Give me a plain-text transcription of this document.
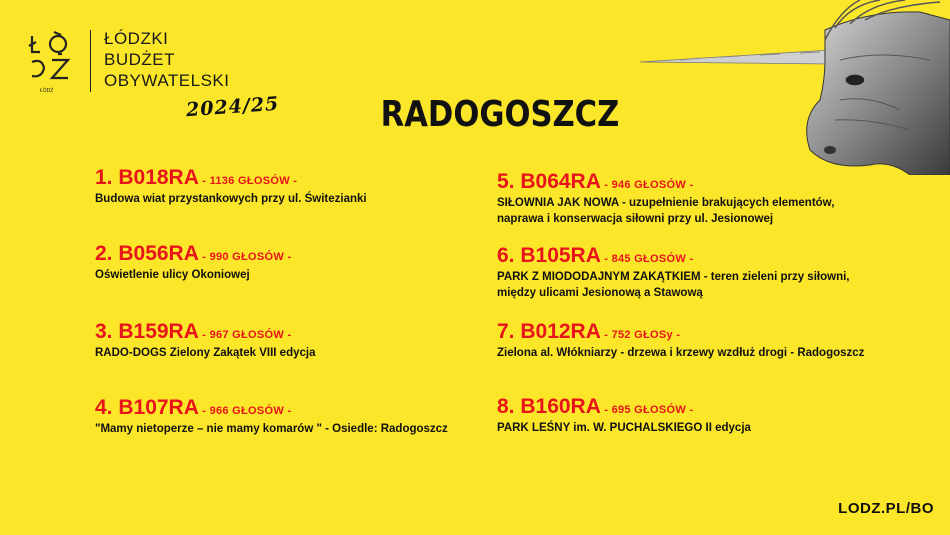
ŁÓDŹ
ŁÓDZKI
BUDŻET
OBYWATELSKI
2024/25	RADOGOSZCZ
1. B018RA - 1136 GŁOSÓW -
Budowa wiat przystankowych przy ul. Świtezianki
2. B056RA - 990 GŁOSÓW -
Oświetlenie ulicy Okoniowej
3. B159RA - 967 GŁOSÓW -
RADO-DOGS Zielony Zakątek VIII edycja
4. B107RA - 966 GŁOSÓW -
"Mamy nietoperze – nie mamy komarów " - Osiedle: Radogoszcz
5. B064RA - 946 GŁOSÓW -
SIŁOWNIA JAK NOWA - uzupełnienie brakujących elementów,
naprawa i konserwacja siłowni przy ul. Jesionowej
6. B105RA - 845 GŁOSÓW -
PARK Z MIODODAJNYM ZAKĄTKIEM - teren zieleni przy siłowni,
między ulicami Jesionową a Stawową
7. B012RA - 752 GŁOSy -
Zielona al. Włókniarzy - drzewa i krzewy wzdłuż drogi - Radogoszcz
8. B160RA - 695 GŁOSÓW -
PARK LEŚNY im. W. PUCHALSKIEGO II edycja
LODZ.PL/BO
